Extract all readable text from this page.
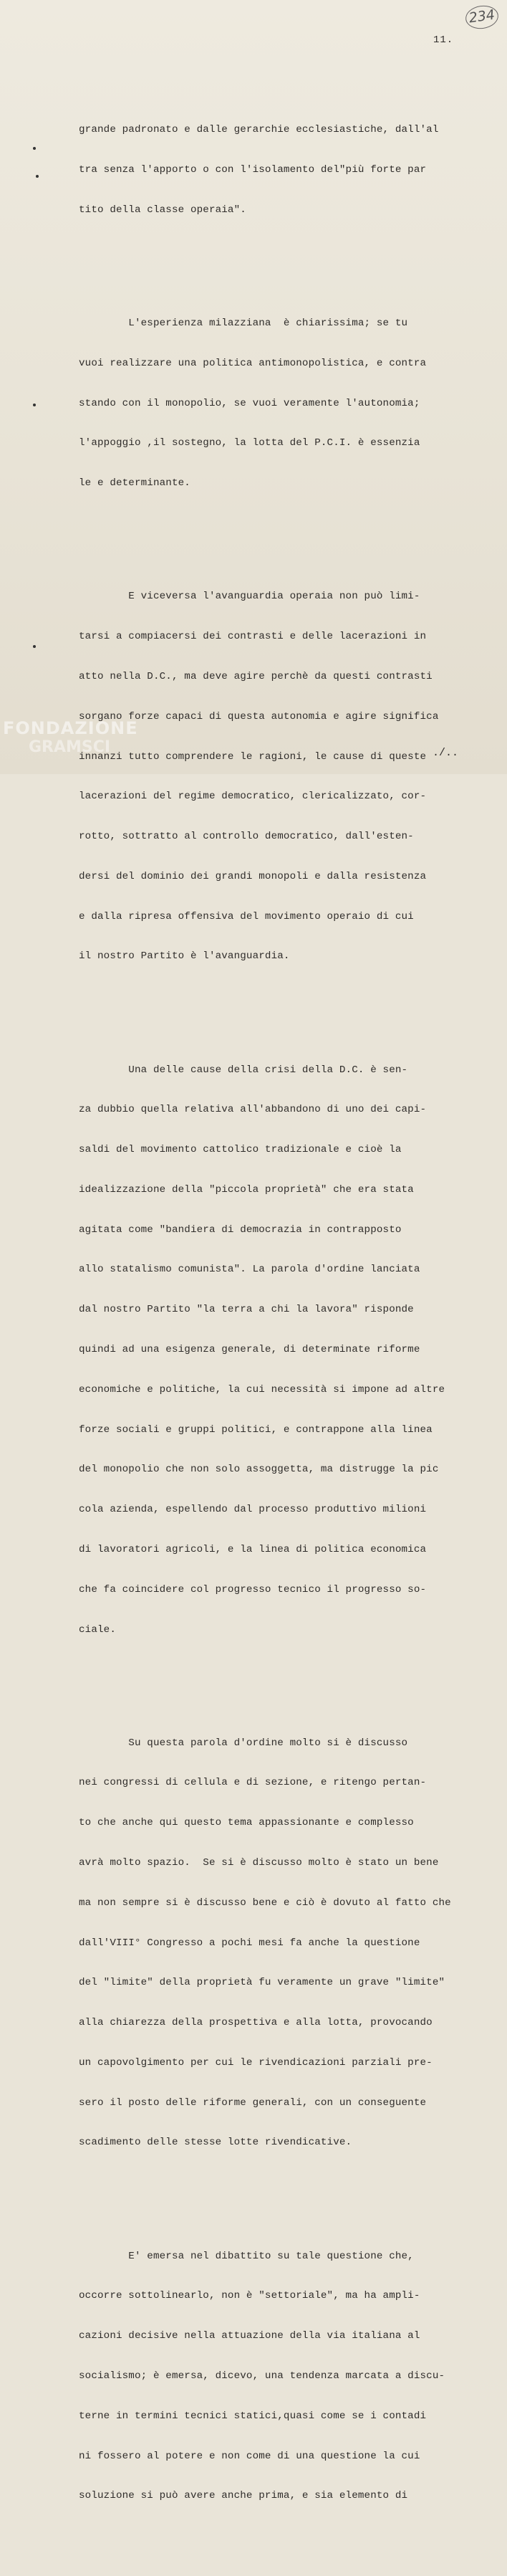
234
11.

grande padronato e dalle gerarchie ecclesiastiche, dall'al

tra senza l'apporto o con l'isolamento del"più forte par

tito della classe operaia".

L'esperienza milazziana  è chiarissima; se tu

vuoi realizzare una politica antimonopolistica, e contra

stando con il monopolio, se vuoi veramente l'autonomia;

l'appoggio ,il sostegno, la lotta del P.C.I. è essenzia

le e determinante.

E viceversa l'avanguardia operaia non può limi-

tarsi a compiacersi dei contrasti e delle lacerazioni in

atto nella D.C., ma deve agire perchè da questi contrasti

sorgano forze capaci di questa autonomia e agire significa

innanzi tutto comprendere le ragioni, le cause di queste

lacerazioni del regime democratico, clericalizzato, cor-

rotto, sottratto al controllo democratico, dall'esten-

dersi del dominio dei grandi monopoli e dalla resistenza

e dalla ripresa offensiva del movimento operaio di cui

il nostro Partito è l'avanguardia.

Una delle cause della crisi della D.C. è sen-

za dubbio quella relativa all'abbandono di uno dei capi-

saldi del movimento cattolico tradizionale e cioè la

idealizzazione della "piccola proprietà" che era stata

agitata come "bandiera di democrazia in contrapposto

allo statalismo comunista". La parola d'ordine lanciata

dal nostro Partito "la terra a chi la lavora" risponde

quindi ad una esigenza generale, di determinate riforme

economiche e politiche, la cui necessità si impone ad altre

forze sociali e gruppi politici, e contrappone alla linea

del monopolio che non solo assoggetta, ma distrugge la pic

cola azienda, espellendo dal processo produttivo milioni

di lavoratori agricoli, e la linea di politica economica

che fa coincidere col progresso tecnico il progresso so-

ciale.

Su questa parola d'ordine molto si è discusso

nei congressi di cellula e di sezione, e ritengo pertan-

to che anche qui questo tema appassionante e complesso

avrà molto spazio.  Se si è discusso molto è stato un bene

ma non sempre si è discusso bene e ciò è dovuto al fatto che

dall'VIII° Congresso a pochi mesi fa anche la questione

del "limite" della proprietà fu veramente un grave "limite"

alla chiarezza della prospettiva e alla lotta, provocando

un capovolgimento per cui le rivendicazioni parziali pre-

sero il posto delle riforme generali, con un conseguente

scadimento delle stesse lotte rivendicative.

E' emersa nel dibattito su tale questione che,

occorre sottolinearlo, non è "settoriale", ma ha ampli-

cazioni decisive nella attuazione della via italiana al

socialismo; è emersa, dicevo, una tendenza marcata a discu-

terne in termini tecnici statici,quasi come se i contadi

ni fossero al potere e non come di una questione la cui

soluzione si può avere anche prima, e sia elemento di

FONDAZIONE
GRAMSCI	./..
